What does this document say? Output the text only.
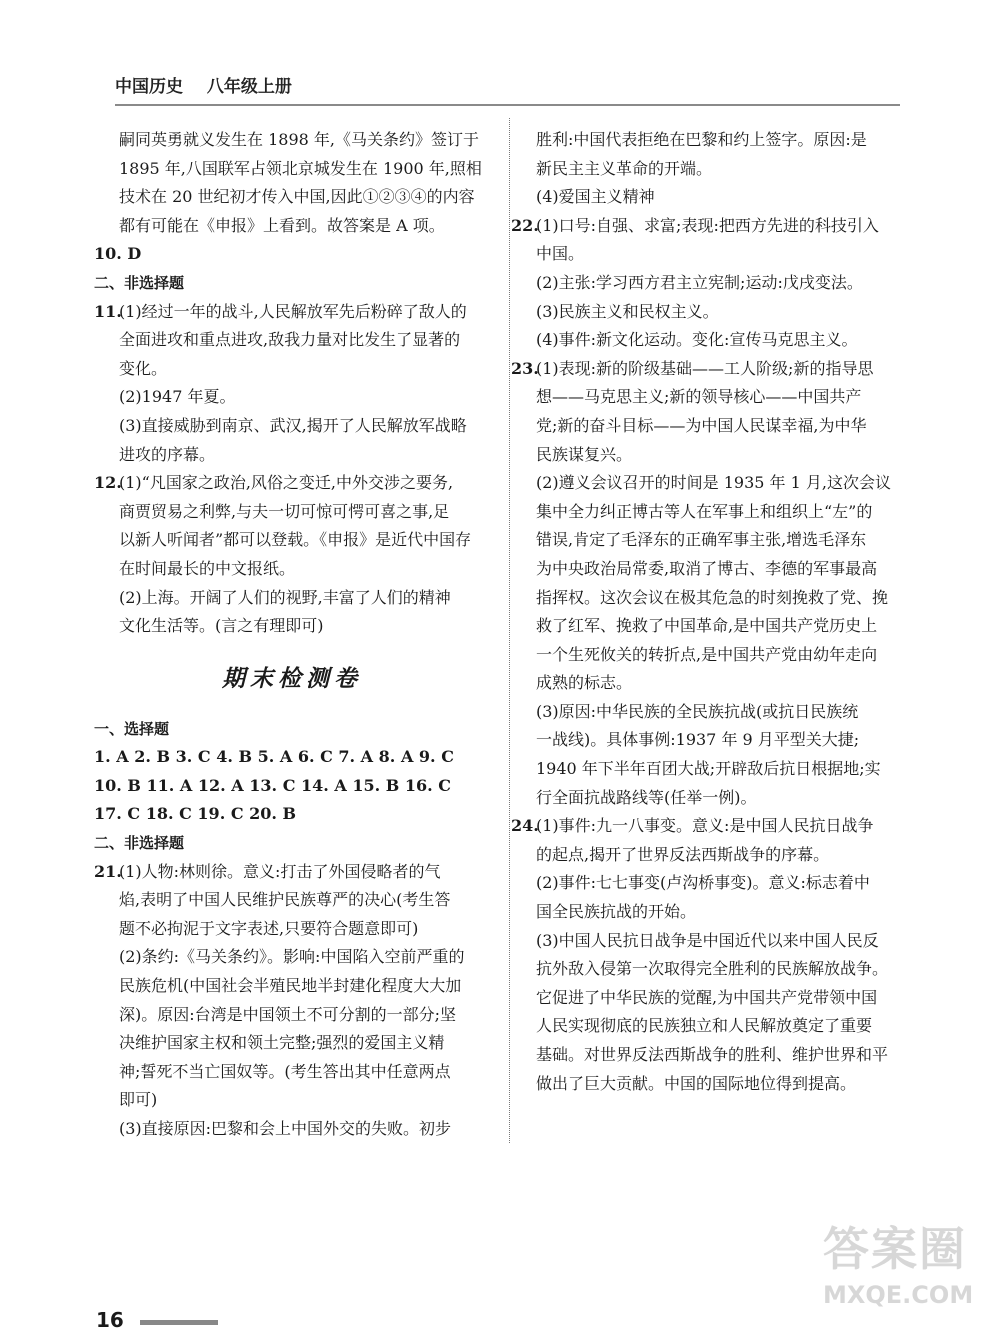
中国历史 八年级上册
嗣同英勇就义发生在 1898 年,《马关条约》签订于
1895 年,八国联军占领北京城发生在 1900 年,照相
技术在 20 世纪初才传入中国,因此①②③④的内容
都有可能在《申报》上看到。故答案是 A 项。
10. D
二、非选择题
11.(1)经过一年的战斗,人民解放军先后粉碎了敌人的
全面进攻和重点进攻,敌我力量对比发生了显著的
变化。
(2)1947 年夏。
(3)直接威胁到南京、武汉,揭开了人民解放军战略
进攻的序幕。
12.(1)“凡国家之政治,风俗之变迁,中外交涉之要务,
商贾贸易之利弊,与夫一切可惊可愕可喜之事,足
以新人听闻者”都可以登载。《申报》是近代中国存
在时间最长的中文报纸。
(2)上海。开阔了人们的视野,丰富了人们的精神
文化生活等。(言之有理即可)
期末检测卷
一、选择题
1. A 2. B 3. C 4. B 5. A 6. C 7. A 8. A 9. C
10. B 11. A 12. A 13. C 14. A 15. B 16. C
17. C 18. C 19. C 20. B
二、非选择题
21.(1)人物:林则徐。意义:打击了外国侵略者的气
焰,表明了中国人民维护民族尊严的决心(考生答
题不必拘泥于文字表述,只要符合题意即可)
(2)条约:《马关条约》。影响:中国陷入空前严重的
民族危机(中国社会半殖民地半封建化程度大大加
深)。原因:台湾是中国领土不可分割的一部分;坚
决维护国家主权和领土完整;强烈的爱国主义精
神;誓死不当亡国奴等。(考生答出其中任意两点
即可)
(3)直接原因:巴黎和会上中国外交的失败。初步
胜利:中国代表拒绝在巴黎和约上签字。原因:是
新民主主义革命的开端。
(4)爱国主义精神
22.(1)口号:自强、求富;表现:把西方先进的科技引入
中国。
(2)主张:学习西方君主立宪制;运动:戊戌变法。
(3)民族主义和民权主义。
(4)事件:新文化运动。变化:宣传马克思主义。
23.(1)表现:新的阶级基础——工人阶级;新的指导思
想——马克思主义;新的领导核心——中国共产
党;新的奋斗目标——为中国人民谋幸福,为中华
民族谋复兴。
(2)遵义会议召开的时间是 1935 年 1 月,这次会议
集中全力纠正博古等人在军事上和组织上“左”的
错误,肯定了毛泽东的正确军事主张,增选毛泽东
为中央政治局常委,取消了博古、李德的军事最高
指挥权。这次会议在极其危急的时刻挽救了党、挽
救了红军、挽救了中国革命,是中国共产党历史上
一个生死攸关的转折点,是中国共产党由幼年走向
成熟的标志。
(3)原因:中华民族的全民族抗战(或抗日民族统
一战线)。具体事例:1937 年 9 月平型关大捷;
1940 年下半年百团大战;开辟敌后抗日根据地;实
行全面抗战路线等(任举一例)。
24.(1)事件:九一八事变。意义:是中国人民抗日战争
的起点,揭开了世界反法西斯战争的序幕。
(2)事件:七七事变(卢沟桥事变)。意义:标志着中
国全民族抗战的开始。
(3)中国人民抗日战争是中国近代以来中国人民反
抗外敌入侵第一次取得完全胜利的民族解放战争。
它促进了中华民族的觉醒,为中国共产党带领中国
人民实现彻底的民族独立和人民解放奠定了重要
基础。对世界反法西斯战争的胜利、维护世界和平
做出了巨大贡献。中国的国际地位得到提高。
16
答案圈
MXQE.COM
